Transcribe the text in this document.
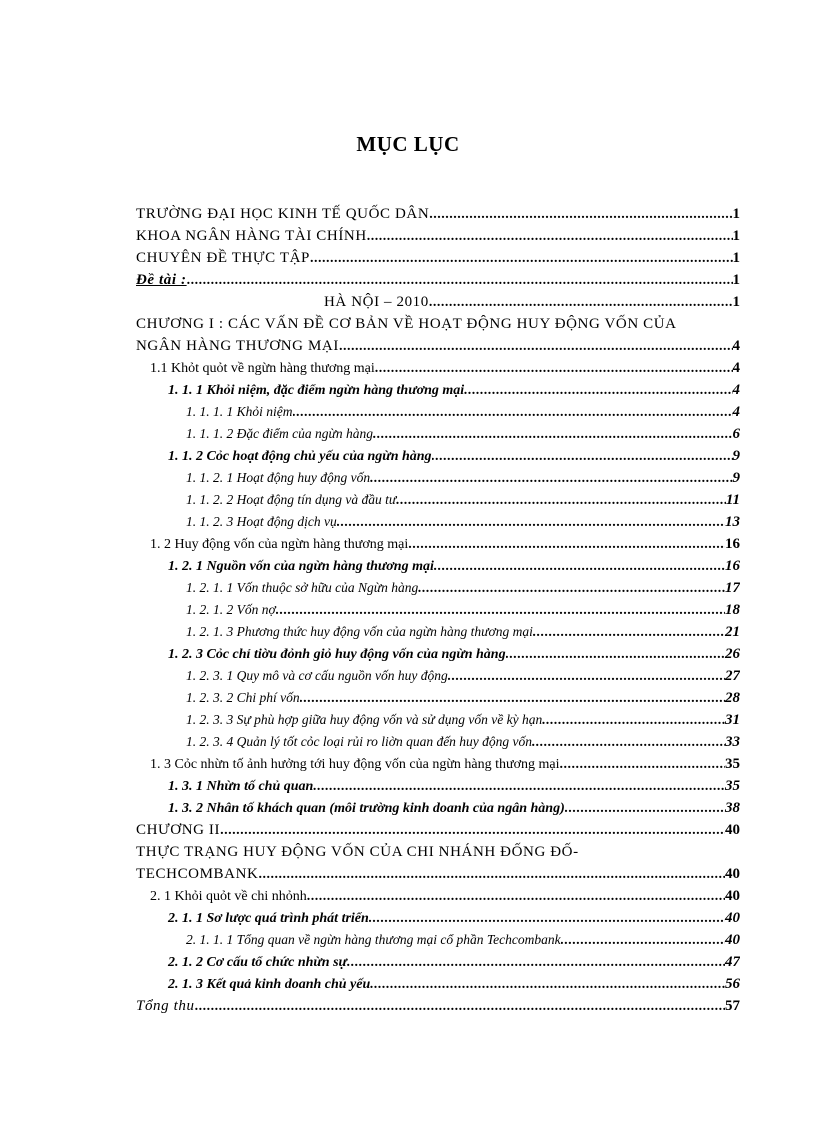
MỤC LỤC
TRƯỜNG ĐẠI HỌC KINH TẾ QUỐC DÂN .....	1
KHOA NGÂN HÀNG TÀI CHÍNH .....	1
CHUYÊN ĐỀ THỰC TẬP .....	1
Đề tài : .....	1
HÀ NỘI – 2010 .....	1
CHƯƠNG I : CÁC VẤN ĐỀ CƠ BẢN VỀ HOẠT ĐỘNG HUY ĐỘNG VỐN CỦA
NGÂN HÀNG THƯƠNG MẠI .....	4
1.1 Khỏt quỏt về ngừn hàng thương mại .....	4
1. 1. 1 Khỏi niệm, đặc điểm ngừn hàng thương mại .....	4
1. 1. 1. 1 Khỏi niệm .....	4
1. 1. 1. 2 Đặc điểm của ngừn hàng .....	6
1. 1. 2 Cỏc hoạt động chủ yếu của ngừn hàng .....	9
1. 1. 2. 1 Hoạt động huy động vốn .....	9
1. 1. 2. 2 Hoạt động tín dụng và đầu tư .....	11
1. 1. 2. 3 Hoạt động dịch vụ .....	13
1. 2 Huy động vốn của ngừn hàng thương mại .....	16
1. 2. 1 Nguồn vốn của ngừn hàng thương mại .....	16
1. 2. 1. 1 Vốn thuộc sở hữu của Ngừn hàng .....	17
1. 2. 1. 2 Vốn nợ .....	18
1. 2. 1. 3 Phương thức huy động vốn của ngừn hàng thương mại .....	21
1. 2. 3 Cỏc chỉ tiờu đỏnh giỏ huy động vốn của ngừn hàng .....	26
1. 2. 3. 1 Quy mô và cơ cấu nguồn vốn huy động .....	27
1. 2. 3. 2 Chi phí vốn .....	28
1. 2. 3. 3 Sự phù hợp giữa huy động vốn và sử dụng vốn về kỳ hạn .....	31
1. 2. 3. 4 Quản lý tốt cỏc loại rủi ro liờn quan đến huy động vốn .....	33
1. 3 Cỏc nhừn tố ảnh hưởng tới huy động vốn của ngừn hàng thương mại .....	35
1. 3. 1 Nhừn tố chủ quan .....	35
1. 3. 2 Nhân tố khách quan (môi trường kinh doanh của ngân hàng) .....	38
CHƯƠNG II .....	40
THỰC TRẠNG HUY ĐỘNG VỐN CỦA CHI NHÁNH ĐỐNG ĐỐ-
TECHCOMBANK .....	40
2. 1 Khỏi quỏt về chi nhỏnh .....	40
2. 1. 1 Sơ lược quá trình phát triển .....	40
2. 1. 1. 1 Tổng quan về ngừn hàng thương mại cổ phần Techcombank .....	40
2. 1. 2 Cơ cấu tổ chức nhừn sự .....	47
2. 1. 3 Kết quả kinh doanh chủ yếu .....	56
Tổng thu .....	57
